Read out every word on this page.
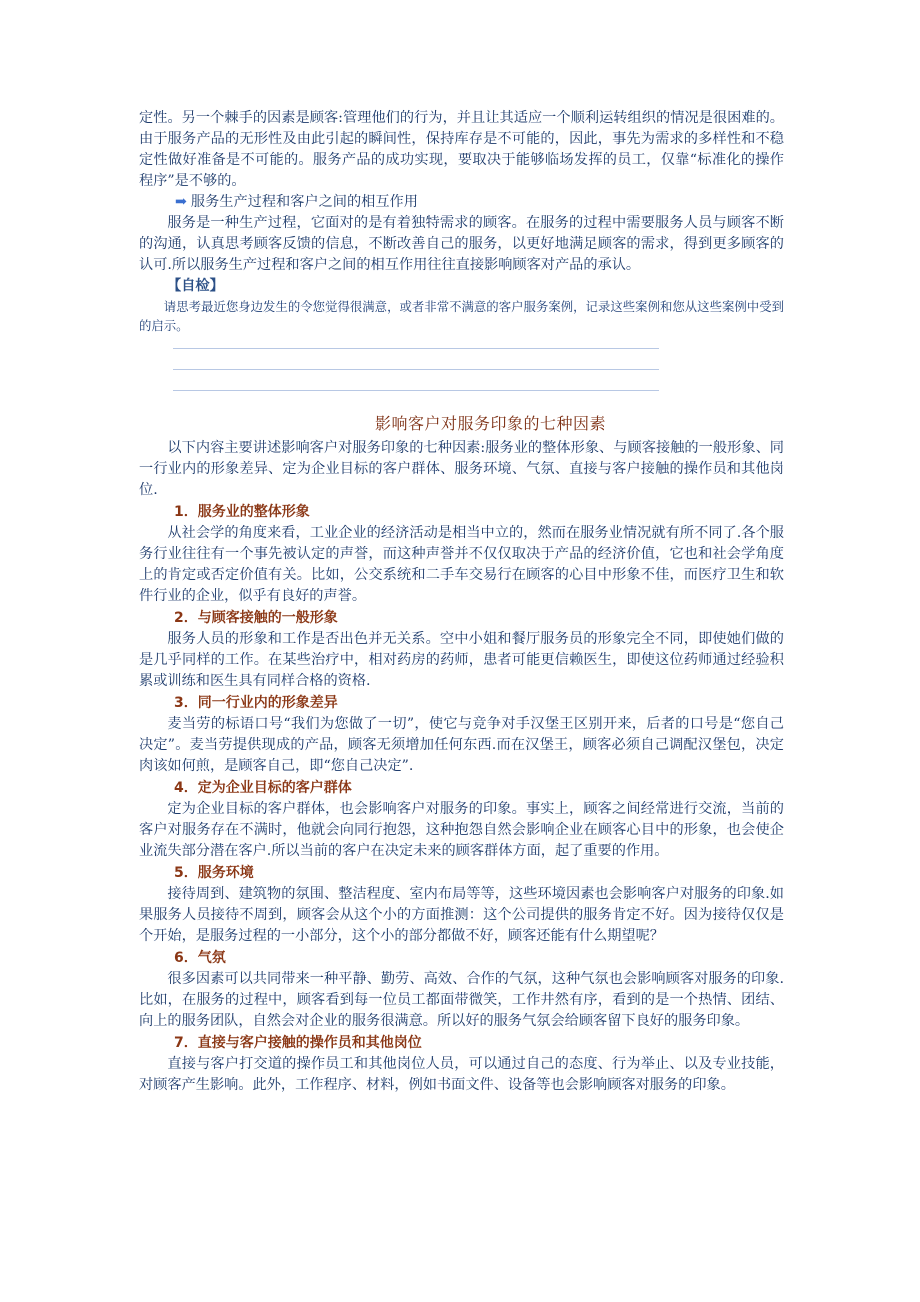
定性。另一个棘手的因素是顾客:管理他们的行为，并且让其适应一个顺利运转组织的情况是很困难的。由于服务产品的无形性及由此引起的瞬间性，保持库存是不可能的，因此，事先为需求的多样性和不稳定性做好准备是不可能的。服务产品的成功实现，要取决于能够临场发挥的员工，仅靠“标准化的操作程序”是不够的。

➡ 服务生产过程和客户之间的相互作用

服务是一种生产过程，它面对的是有着独特需求的顾客。在服务的过程中需要服务人员与顾客不断的沟通，认真思考顾客反馈的信息，不断改善自己的服务，以更好地满足顾客的需求，得到更多顾客的认可.所以服务生产过程和客户之间的相互作用往往直接影响顾客对产品的承认。

【自检】

请思考最近您身边发生的令您觉得很满意，或者非常不满意的客户服务案例，记录这些案例和您从这些案例中受到的启示。

影响客户对服务印象的七种因素

以下内容主要讲述影响客户对服务印象的七种因素:服务业的整体形象、与顾客接触的一般形象、同一行业内的形象差异、定为企业目标的客户群体、服务环境、气氛、直接与客户接触的操作员和其他岗位.

1．服务业的整体形象

从社会学的角度来看，工业企业的经济活动是相当中立的，然而在服务业情况就有所不同了.各个服务行业往往有一个事先被认定的声誉，而这种声誉并不仅仅取决于产品的经济价值，它也和社会学角度上的肯定或否定价值有关。比如，公交系统和二手车交易行在顾客的心目中形象不佳，而医疗卫生和软件行业的企业，似乎有良好的声誉。

2．与顾客接触的一般形象

服务人员的形象和工作是否出色并无关系。空中小姐和餐厅服务员的形象完全不同，即使她们做的是几乎同样的工作。在某些治疗中，相对药房的药师，患者可能更信赖医生，即使这位药师通过经验积累或训练和医生具有同样合格的资格.

3．同一行业内的形象差异

麦当劳的标语口号“我们为您做了一切”，使它与竞争对手汉堡王区别开来，后者的口号是“您自己决定”。麦当劳提供现成的产品，顾客无须增加任何东西.而在汉堡王，顾客必须自己调配汉堡包，决定肉该如何煎，是顾客自己，即“您自己决定”.

4．定为企业目标的客户群体

定为企业目标的客户群体，也会影响客户对服务的印象。事实上，顾客之间经常进行交流，当前的客户对服务存在不满时，他就会向同行抱怨，这种抱怨自然会影响企业在顾客心目中的形象，也会使企业流失部分潜在客户.所以当前的客户在决定未来的顾客群体方面，起了重要的作用。

5．服务环境

接待周到、建筑物的氛围、整洁程度、室内布局等等，这些环境因素也会影响客户对服务的印象.如果服务人员接待不周到，顾客会从这个小的方面推测：这个公司提供的服务肯定不好。因为接待仅仅是个开始，是服务过程的一小部分，这个小的部分都做不好，顾客还能有什么期望呢？

6．气氛

很多因素可以共同带来一种平静、勤劳、高效、合作的气氛，这种气氛也会影响顾客对服务的印象.比如，在服务的过程中，顾客看到每一位员工都面带微笑，工作井然有序，看到的是一个热情、团结、向上的服务团队，自然会对企业的服务很满意。所以好的服务气氛会给顾客留下良好的服务印象。

7．直接与客户接触的操作员和其他岗位

直接与客户打交道的操作员工和其他岗位人员，可以通过自己的态度、行为举止、以及专业技能，对顾客产生影响。此外，工作程序、材料，例如书面文件、设备等也会影响顾客对服务的印象。
